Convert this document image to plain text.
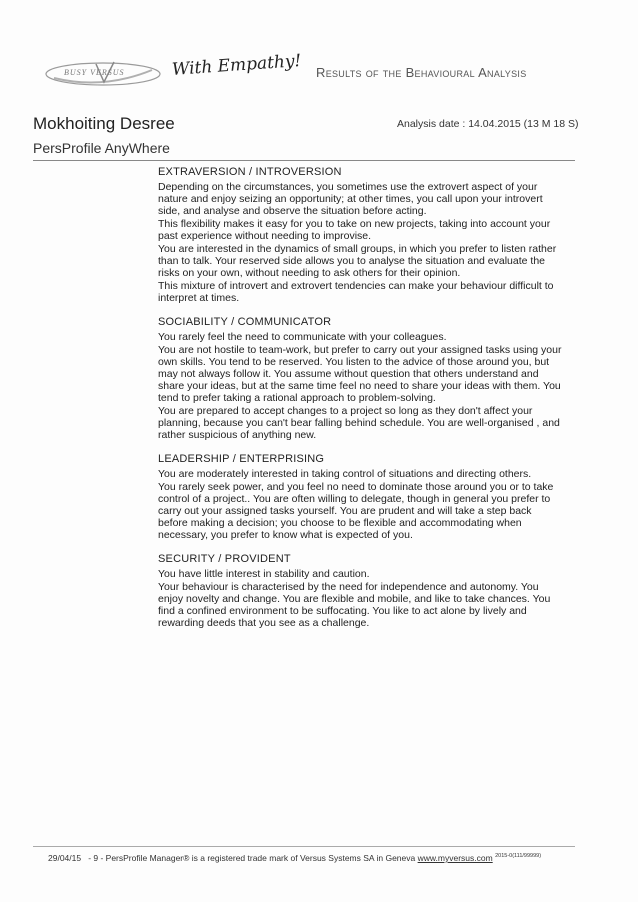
BUSY VERSUS	With Empathy! Results of the Behavioural Analysis
Mokhoiting Desree	Analysis date : 14.04.2015 (13 M 18 S)
PersProfile AnyWhere
EXTRAVERSION / INTROVERSION
Depending on the circumstances, you sometimes use the extrovert aspect of your nature and enjoy seizing an opportunity; at other times, you call upon your introvert side, and analyse and observe the situation before acting.
This flexibility makes it easy for you to take on new projects, taking into account your past experience without needing to improvise.
You are interested in the dynamics of small groups, in which you prefer to listen rather than to talk. Your reserved side allows you to analyse the situation and evaluate the risks on your own, without needing to ask others for their opinion.
This mixture of introvert and extrovert tendencies can make your behaviour difficult to interpret at times.
SOCIABILITY / COMMUNICATOR
You rarely feel the need to communicate with your colleagues.
You are not hostile to team-work, but prefer to carry out your assigned tasks using your own skills. You tend to be reserved. You listen to the advice of those around you, but may not always follow it. You assume without question that others understand and share your ideas, but at the same time feel no need to share your ideas with them. You tend to prefer taking a rational approach to problem-solving.
You are prepared to accept changes to a project so long as they don't affect your planning, because you can't bear falling behind schedule. You are well-organised , and rather suspicious of anything new.
LEADERSHIP / ENTERPRISING
You are moderately interested in taking control of situations and directing others.
You rarely seek power, and you feel no need to dominate those around you or to take control of a project.. You are often willing to delegate, though in general you prefer to carry out your assigned tasks yourself. You are prudent and will take a step back before making a decision; you choose to be flexible and accommodating when necessary, you prefer to know what is expected of you.
SECURITY / PROVIDENT
You have little interest in stability and caution.
Your behaviour is characterised by the need for independence and autonomy. You enjoy novelty and change. You are flexible and mobile, and like to take chances. You find a confined environment to be suffocating. You like to act alone by lively and rewarding deeds that you see as a challenge.
29/04/15 - 9 - PersProfile Manager® is a registered trade mark of Versus Systems SA in Geneva www.myversus.com $^{2015-0(111/99999)}$
